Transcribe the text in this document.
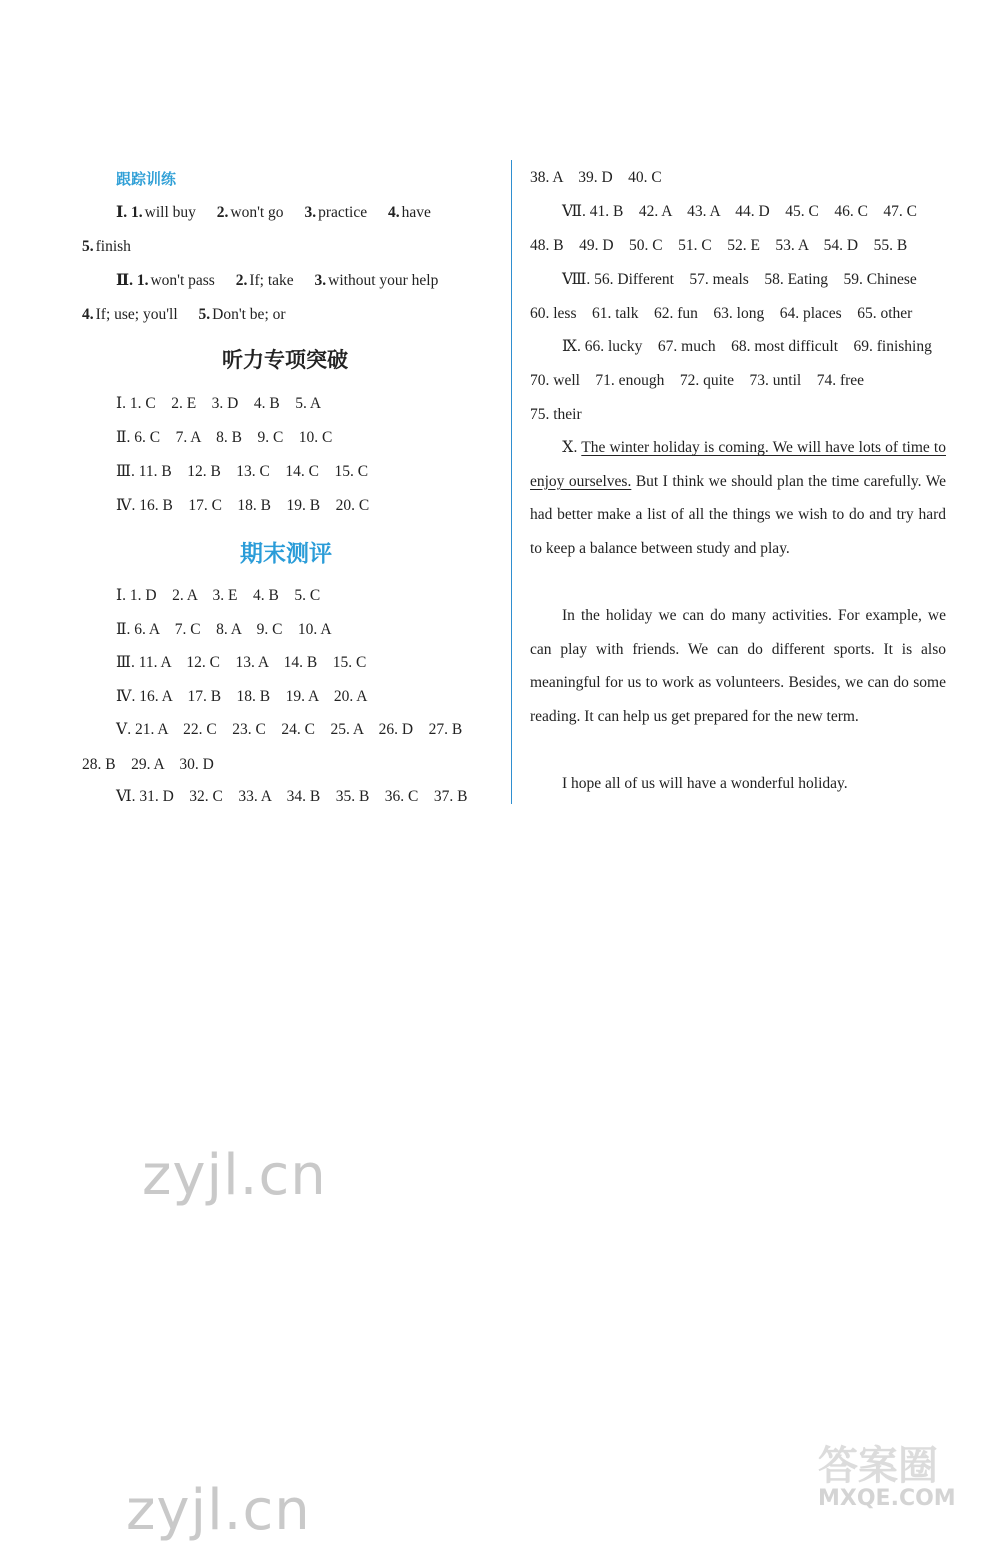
跟踪训练
Ⅰ. 1. will buy 2. won't go 3. practice 4. have
5. finish
Ⅱ. 1. won't pass 2. If; take 3. without your help
4. If; use; you'll 5. Don't be; or
听力专项突破
Ⅰ. 1. C　2. E　3. D　4. B　5. A
Ⅱ. 6. C　7. A　8. B　9. C　10. C
Ⅲ. 11. B　12. B　13. C　14. C　15. C
Ⅳ. 16. B　17. C　18. B　19. B　20. C
期末测评
Ⅰ. 1. D　2. A　3. E　4. B　5. C
Ⅱ. 6. A　7. C　8. A　9. C　10. A
Ⅲ. 11. A　12. C　13. A　14. B　15. C
Ⅳ. 16. A　17. B　18. B　19. A　20. A
Ⅴ. 21. A　22. C　23. C　24. C　25. A　26. D　27. B
28. B　29. A　30. D
Ⅵ. 31. D　32. C　33. A　34. B　35. B　36. C　37. B
38. A　39. D　40. C
Ⅶ. 41. B　42. A　43. A　44. D　45. C　46. C　47. C
48. B　49. D　50. C　51. C　52. E　53. A　54. D　55. B
Ⅷ. 56. Different　57. meals　58. Eating　59. Chinese
60. less　61. talk　62. fun　63. long　64. places　65. other
Ⅸ. 66. lucky　67. much　68. most difficult　69. finishing
70. well　71. enough　72. quite　73. until　74. free
75. their
Ⅹ. The winter holiday is coming. We will have lots of time to enjoy ourselves. But I think we should plan the time carefully. We had better make a list of all the things we wish to do and try hard to keep a balance between study and play.
In the holiday we can do many activities. For example, we can play with friends. We can do different sports. It is also meaningful for us to work as volunteers. Besides, we can do some reading. It can help us get prepared for the new term.
I hope all of us will have a wonderful holiday.
zyjl.cn
zyjl.cn
答案圈
MXQE.COM
